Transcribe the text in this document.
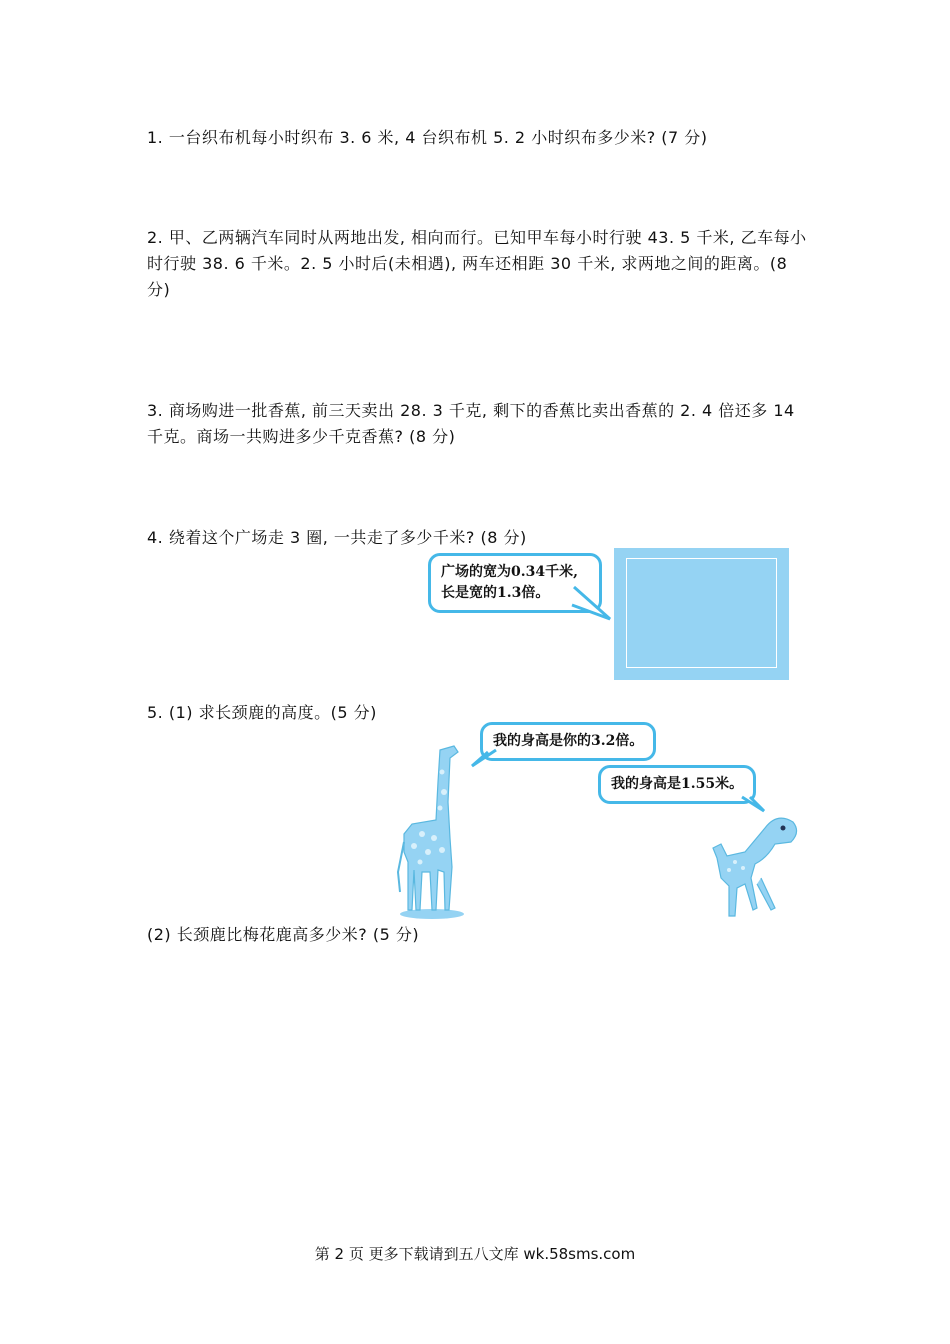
1. 一台织布机每小时织布 3. 6 米, 4 台织布机 5. 2 小时织布多少米? (7 分)
2. 甲、乙两辆汽车同时从两地出发, 相向而行。已知甲车每小时行驶 43. 5 千米, 乙车每小时行驶 38. 6 千米。2. 5 小时后(未相遇), 两车还相距 30 千米, 求两地之间的距离。(8 分)
3. 商场购进一批香蕉, 前三天卖出 28. 3 千克, 剩下的香蕉比卖出香蕉的 2. 4 倍还多 14 千克。商场一共购进多少千克香蕉? (8 分)
4. 绕着这个广场走 3 圈, 一共走了多少千米? (8 分)
广场的宽为0.34千米, 长是宽的1.3倍。
5. (1) 求长颈鹿的高度。(5 分)
我的身高是你的3.2倍。
我的身高是1.55米。
(2) 长颈鹿比梅花鹿高多少米? (5 分)
第 2 页 更多下载请到五八文库 wk.58sms.com
